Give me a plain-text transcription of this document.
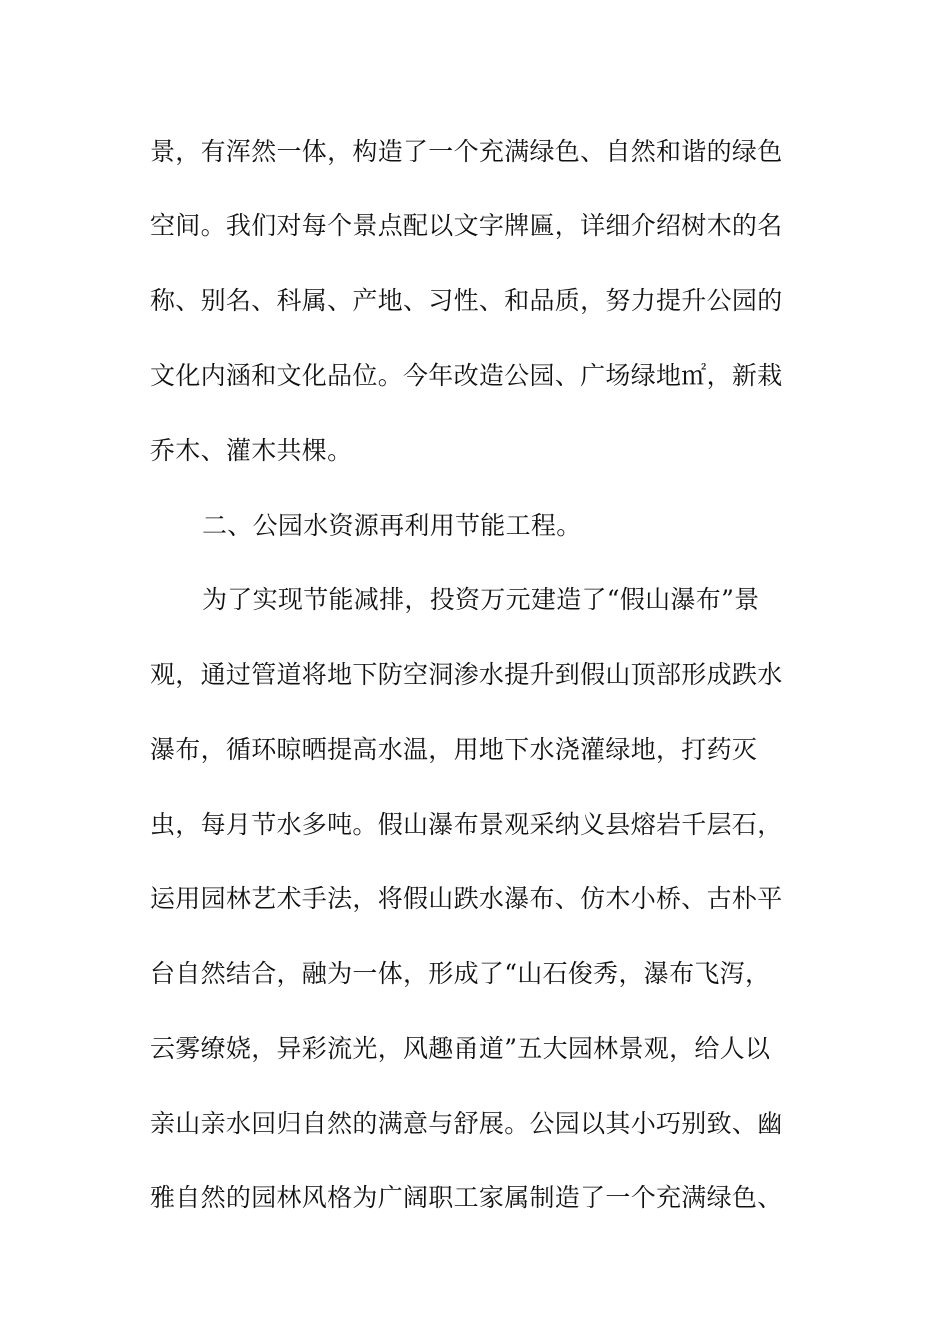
景，有浑然一体，构造了一个充满绿色、自然和谐的绿色
空间。我们对每个景点配以文字牌匾，详细介绍树木的名
称、别名、科属、产地、习性、和品质，努力提升公园的
文化内涵和文化品位。今年改造公园、广场绿地㎡，新栽
乔木、灌木共棵。
二、公园水资源再利用节能工程。
为了实现节能减排，投资万元建造了“假山瀑布”景
观，通过管道将地下防空洞渗水提升到假山顶部形成跌水
瀑布，循环晾晒提高水温，用地下水浇灌绿地，打药灭
虫，每月节水多吨。假山瀑布景观采纳义县熔岩千层石，
运用园林艺术手法，将假山跌水瀑布、仿木小桥、古朴平
台自然结合，融为一体，形成了“山石俊秀，瀑布飞泻，
云雾缭娆，异彩流光，风趣甬道”五大园林景观，给人以
亲山亲水回归自然的满意与舒展。公园以其小巧别致、幽
雅自然的园林风格为广阔职工家属制造了一个充满绿色、
